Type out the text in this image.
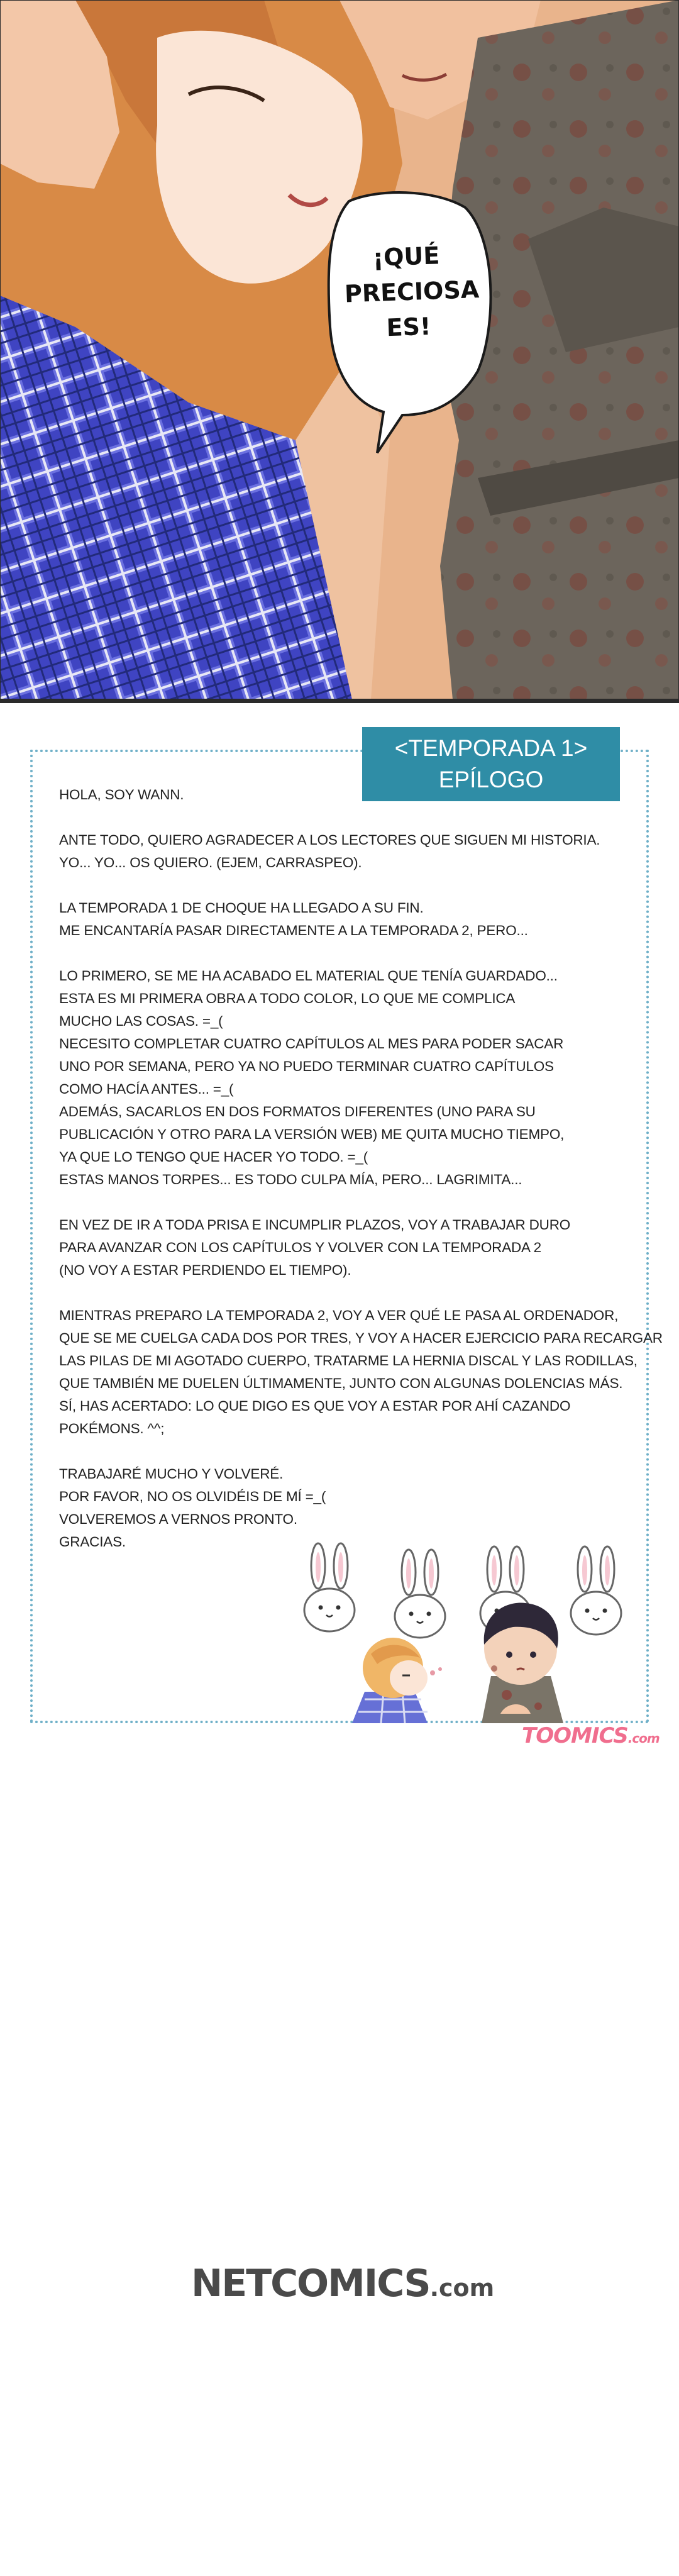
¡QUÉ
PRECIOSA
ES!
<TEMPORADA 1>
EPÍLOGO

HOLA, SOY WANN.

ANTE TODO, QUIERO AGRADECER A LOS LECTORES QUE SIGUEN MI HISTORIA.
YO... YO... OS QUIERO. (EJEM, CARRASPEO).

LA TEMPORADA 1 DE CHOQUE HA LLEGADO A SU FIN.
ME ENCANTARÍA PASAR DIRECTAMENTE A LA TEMPORADA 2, PERO...

LO PRIMERO, SE ME HA ACABADO EL MATERIAL QUE TENÍA GUARDADO...
ESTA ES MI PRIMERA OBRA A TODO COLOR, LO QUE ME COMPLICA
MUCHO LAS COSAS. =_(
NECESITO COMPLETAR CUATRO CAPÍTULOS AL MES PARA PODER SACAR
UNO POR SEMANA, PERO YA NO PUEDO TERMINAR CUATRO CAPÍTULOS
COMO HACÍA ANTES... =_(
ADEMÁS, SACARLOS EN DOS FORMATOS DIFERENTES (UNO PARA SU
PUBLICACIÓN Y OTRO PARA LA VERSIÓN WEB) ME QUITA MUCHO TIEMPO,
YA QUE LO TENGO QUE HACER YO TODO. =_(
ESTAS MANOS TORPES... ES TODO CULPA MÍA, PERO... LAGRIMITA...

EN VEZ DE IR A TODA PRISA E INCUMPLIR PLAZOS, VOY A TRABAJAR DURO
PARA AVANZAR CON LOS CAPÍTULOS Y VOLVER CON LA TEMPORADA 2
(NO VOY A ESTAR PERDIENDO EL TIEMPO).

MIENTRAS PREPARO LA TEMPORADA 2, VOY A VER QUÉ LE PASA AL ORDENADOR,
QUE SE ME CUELGA CADA DOS POR TRES, Y VOY A HACER EJERCICIO PARA RECARGAR
LAS PILAS DE MI AGOTADO CUERPO, TRATARME LA HERNIA DISCAL Y LAS RODILLAS,
QUE TAMBIÉN ME DUELEN ÚLTIMAMENTE, JUNTO CON ALGUNAS DOLENCIAS MÁS.
SÍ, HAS ACERTADO: LO QUE DIGO ES QUE VOY A ESTAR POR AHÍ CAZANDO
POKÉMONS. ^^;

TRABAJARÉ MUCHO Y VOLVERÉ.
POR FAVOR, NO OS OLVIDÉIS DE MÍ =_(
VOLVEREMOS A VERNOS PRONTO.
GRACIAS.

TOOMICS.com
NETCOMICS.com
